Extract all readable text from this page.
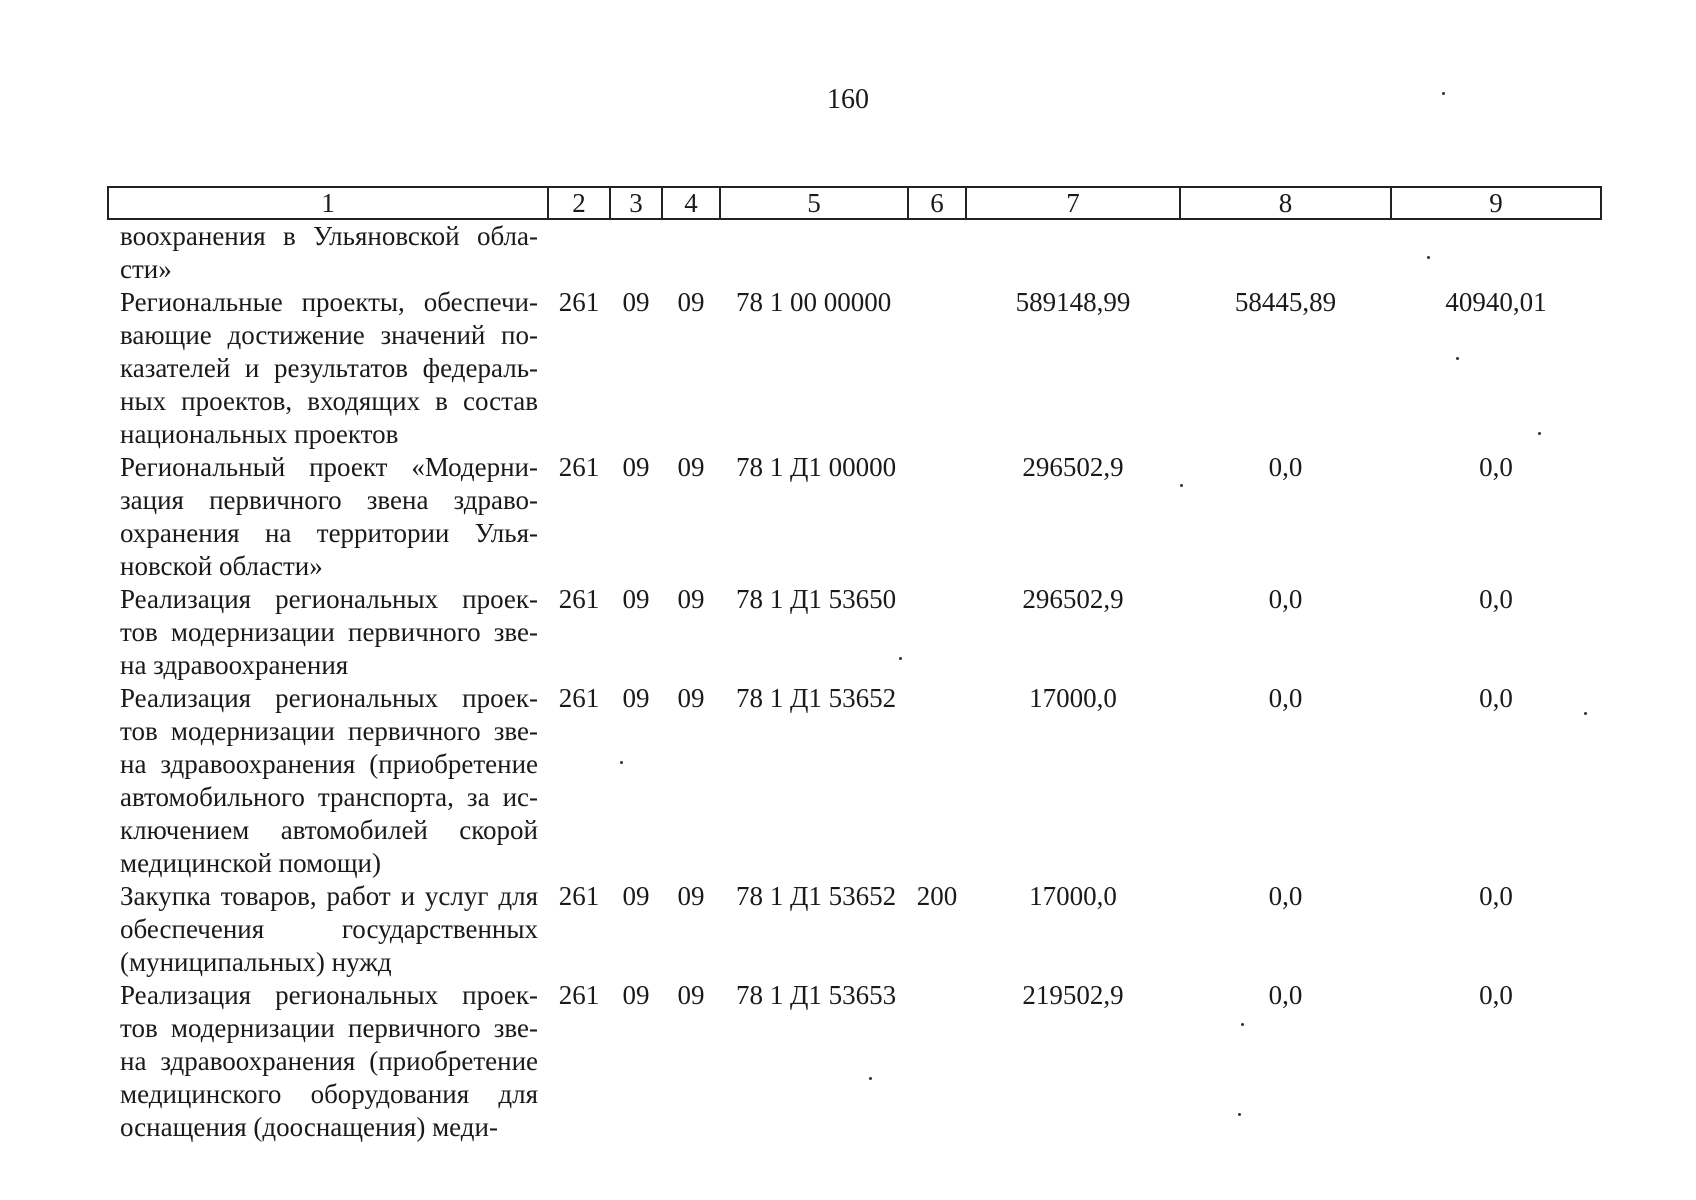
160
1	2	3	4	5	6	7	8	9
воохранения в Ульяновской обла-сти»								
Региональные проекты, обеспечи-вающие достижение значений по-казателей и результатов федераль-ных проектов, входящих в состав национальных проектов	261	09	09	78 1 00 00000		589148,99	58445,89	40940,01
Региональный проект «Модерни-зация первичного звена здраво-охранения на территории Улья-новской области»	261	09	09	78 1 Д1 00000		296502,9	0,0	0,0
Реализация региональных проек-тов модернизации первичного зве-на здравоохранения	261	09	09	78 1 Д1 53650		296502,9	0,0	0,0
Реализация региональных проек-тов модернизации первичного зве-на здравоохранения (приобретение автомобильного транспорта, за ис-ключением автомобилей скорой медицинской помощи)	261	09	09	78 1 Д1 53652		17000,0	0,0	0,0
Закупка товаров, работ и услуг для обеспечения государственных (муниципальных) нужд	261	09	09	78 1 Д1 53652	200	17000,0	0,0	0,0
Реализация региональных проек-тов модернизации первичного зве-на здравоохранения (приобретение медицинского оборудования для оснащения (дооснащения) меди-	261	09	09	78 1 Д1 53653		219502,9	0,0	0,0
